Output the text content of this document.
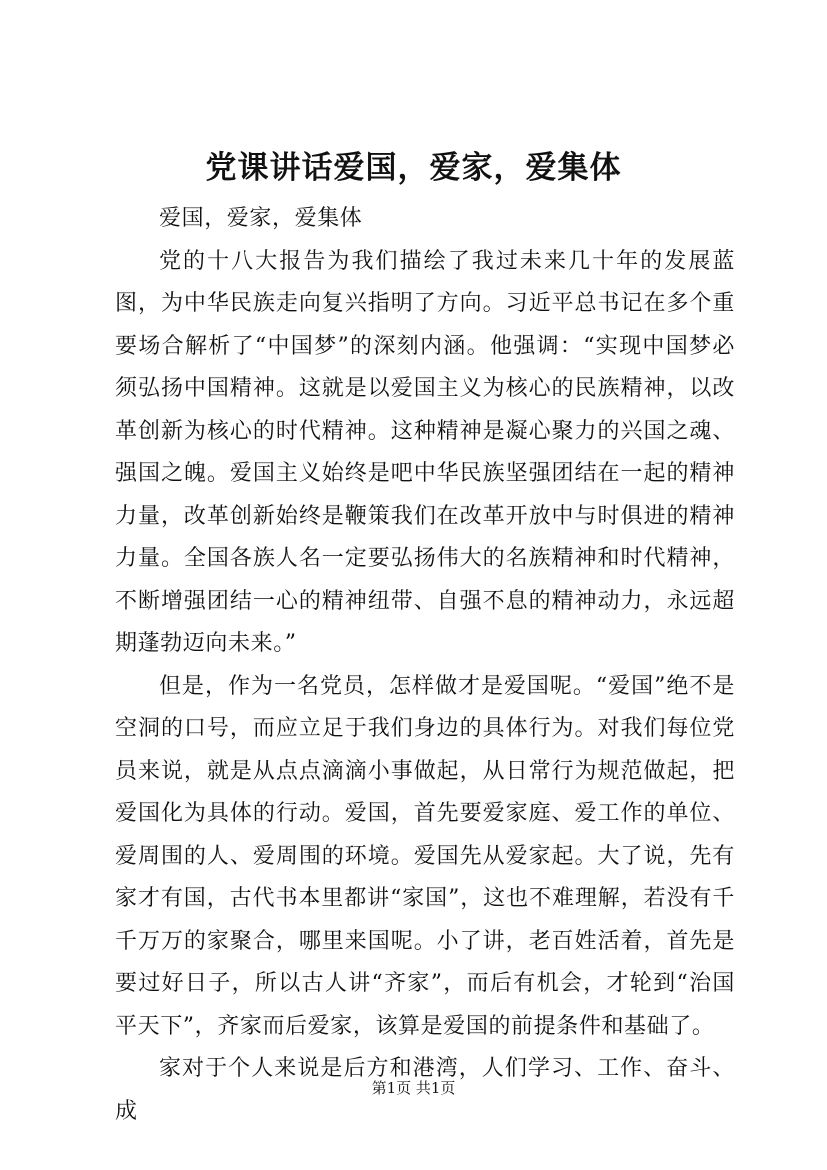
党课讲话爱国，爱家，爱集体

爱国，爱家，爱集体

党的十八大报告为我们描绘了我过未来几十年的发展蓝图，为中华民族走向复兴指明了方向。习近平总书记在多个重要场合解析了“中国梦”的深刻内涵。他强调：“实现中国梦必须弘扬中国精神。这就是以爱国主义为核心的民族精神，以改革创新为核心的时代精神。这种精神是凝心聚力的兴国之魂、强国之魄。爱国主义始终是吧中华民族坚强团结在一起的精神力量，改革创新始终是鞭策我们在改革开放中与时俱进的精神力量。全国各族人名一定要弘扬伟大的名族精神和时代精神，不断增强团结一心的精神纽带、自强不息的精神动力，永远超期蓬勃迈向未来。”

但是，作为一名党员，怎样做才是爱国呢。“爱国”绝不是空洞的口号，而应立足于我们身边的具体行为。对我们每位党员来说，就是从点点滴滴小事做起，从日常行为规范做起，把爱国化为具体的行动。爱国，首先要爱家庭、爱工作的单位、爱周围的人、爱周围的环境。爱国先从爱家起。大了说，先有家才有国，古代书本里都讲“家国”，这也不难理解，若没有千千万万的家聚合，哪里来国呢。小了讲，老百姓活着，首先是要过好日子，所以古人讲“齐家”，而后有机会，才轮到“治国平天下”，齐家而后爱家，该算是爱国的前提条件和基础了。

家对于个人来说是后方和港湾，人们学习、工作、奋斗、成

第1页 共1页
